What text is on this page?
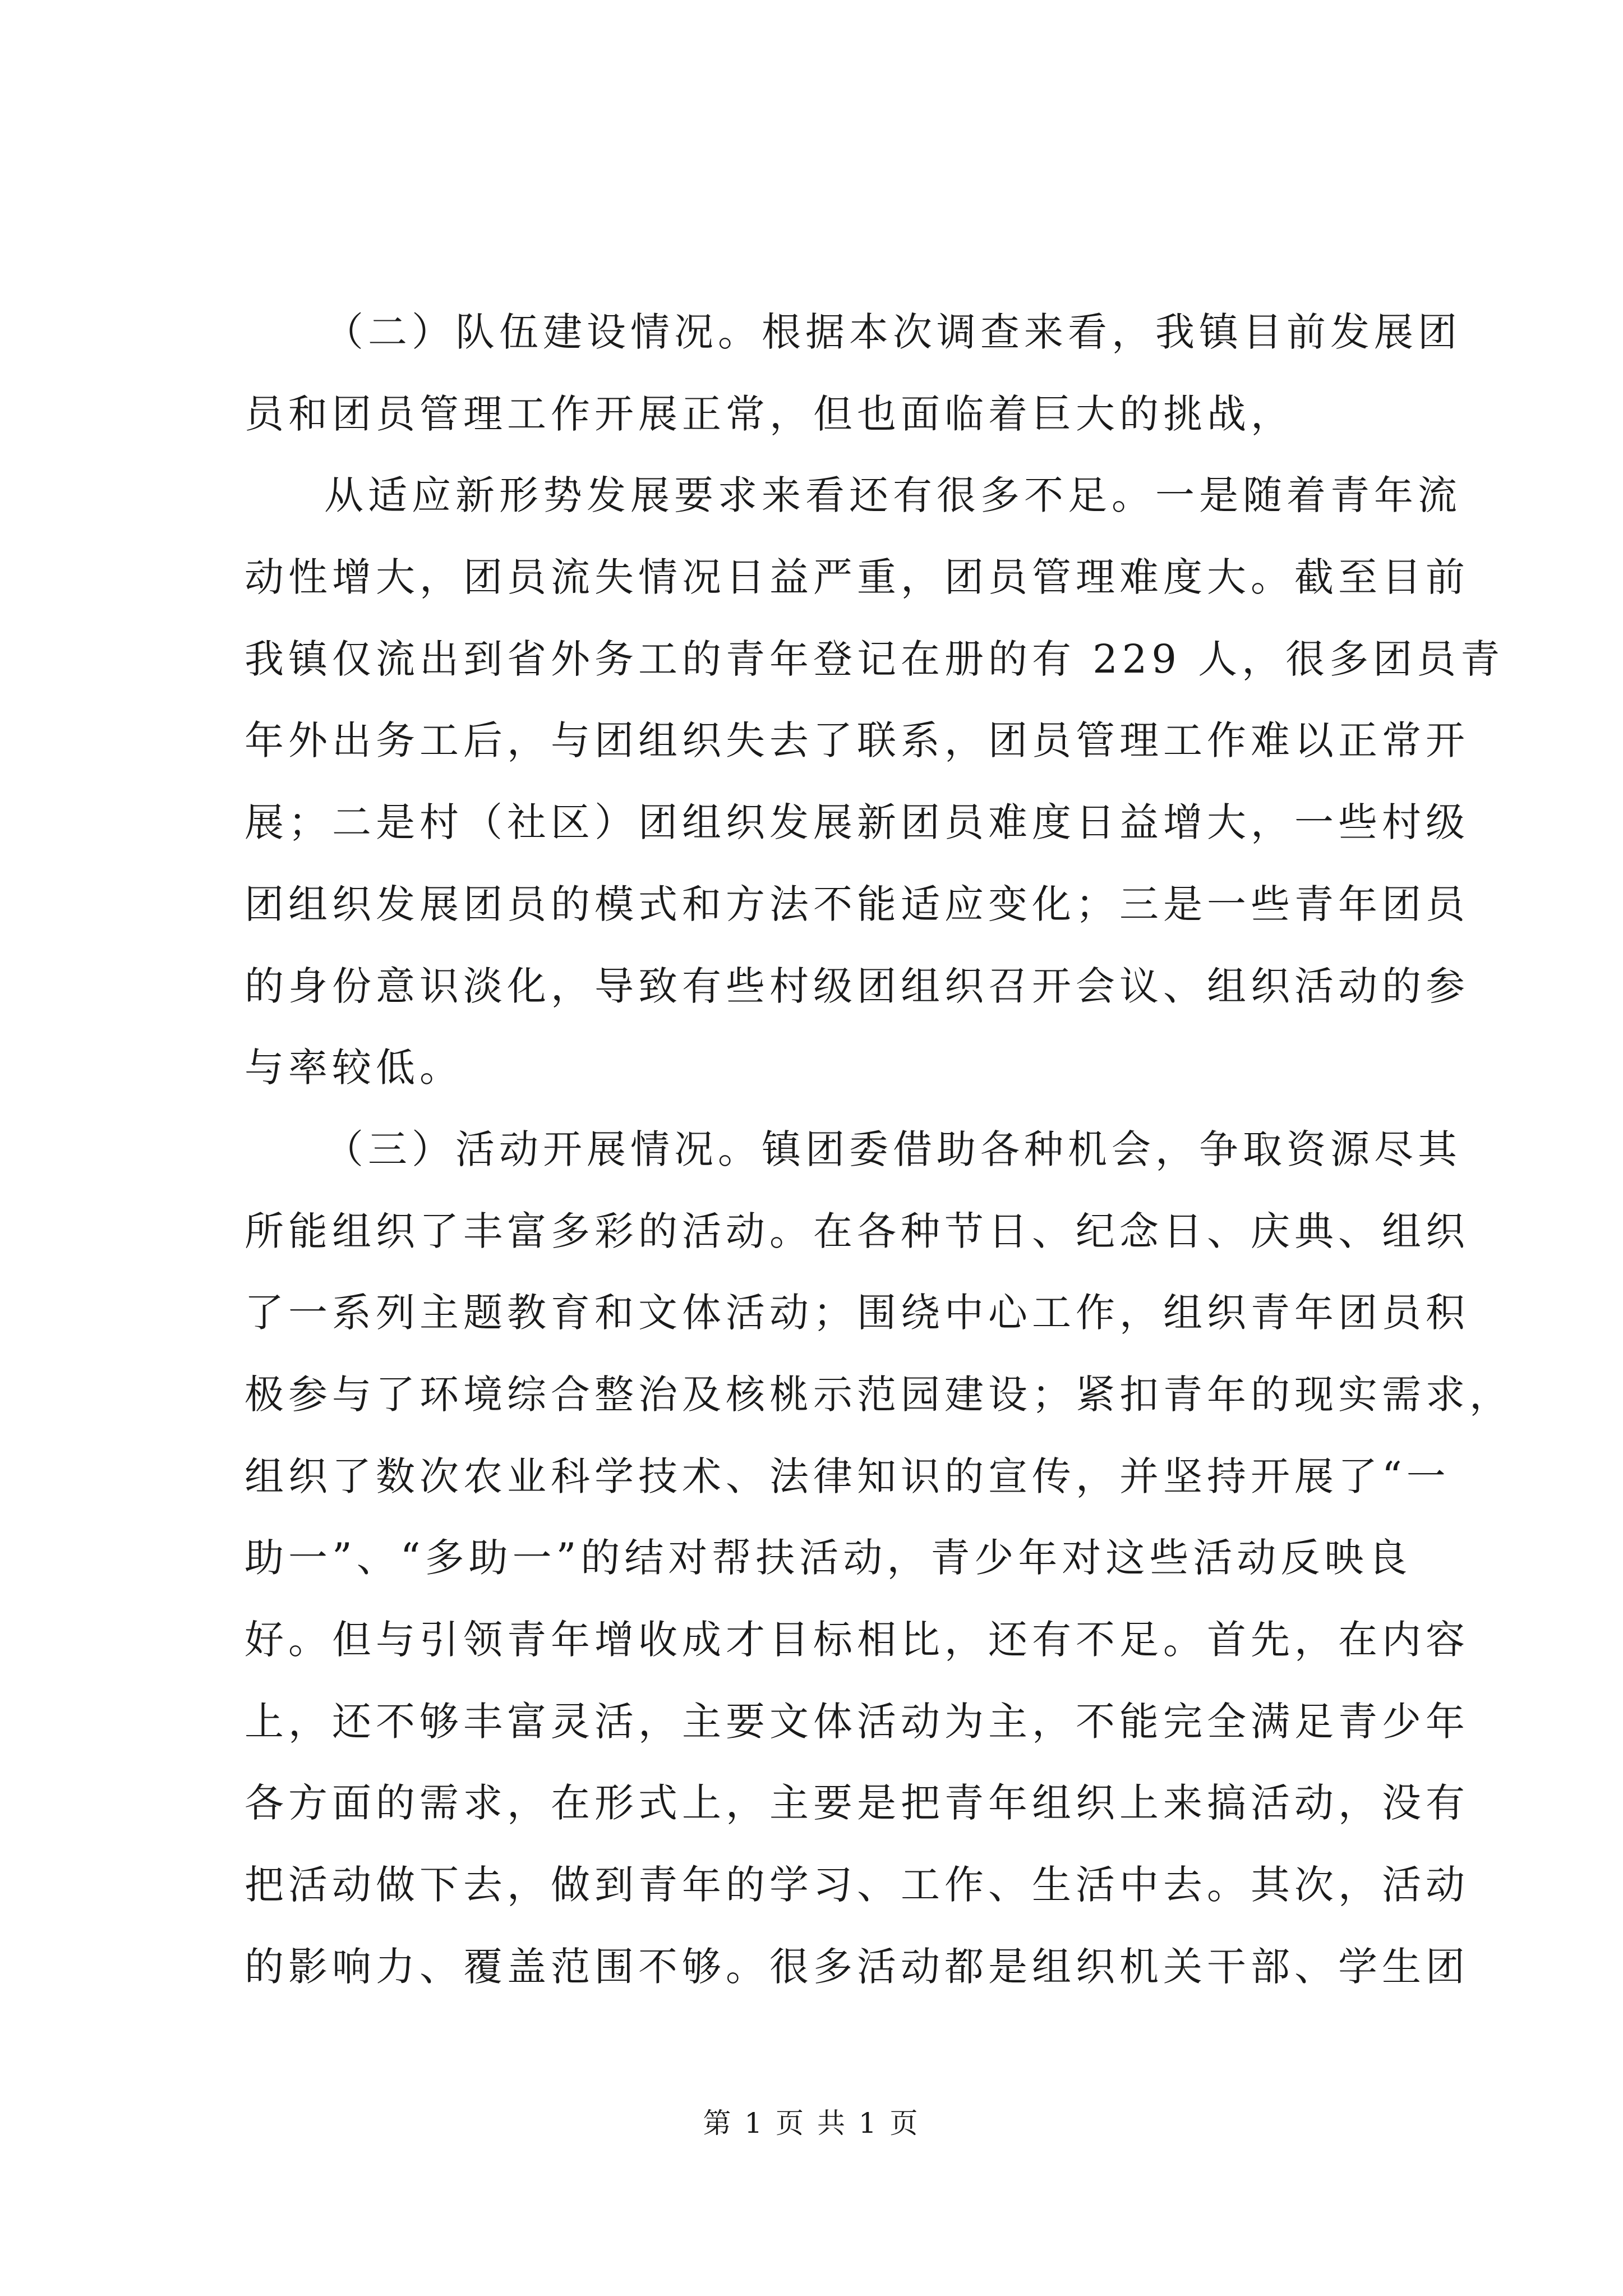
（二）队伍建设情况。根据本次调查来看，我镇目前发展团
员和团员管理工作开展正常，但也面临着巨大的挑战，
从适应新形势发展要求来看还有很多不足。一是随着青年流
动性增大，团员流失情况日益严重，团员管理难度大。截至目前
我镇仅流出到省外务工的青年登记在册的有 229 人，很多团员青
年外出务工后，与团组织失去了联系，团员管理工作难以正常开
展；二是村（社区）团组织发展新团员难度日益增大，一些村级
团组织发展团员的模式和方法不能适应变化；三是一些青年团员
的身份意识淡化，导致有些村级团组织召开会议、组织活动的参
与率较低。
（三）活动开展情况。镇团委借助各种机会，争取资源尽其
所能组织了丰富多彩的活动。在各种节日、纪念日、庆典、组织
了一系列主题教育和文体活动；围绕中心工作，组织青年团员积
极参与了环境综合整治及核桃示范园建设；紧扣青年的现实需求，
组织了数次农业科学技术、法律知识的宣传，并坚持开展了“一
助一”、“多助一”的结对帮扶活动，青少年对这些活动反映良
好。但与引领青年增收成才目标相比，还有不足。首先，在内容
上，还不够丰富灵活，主要文体活动为主，不能完全满足青少年
各方面的需求，在形式上，主要是把青年组织上来搞活动，没有
把活动做下去，做到青年的学习、工作、生活中去。其次，活动
的影响力、覆盖范围不够。很多活动都是组织机关干部、学生团
第 1 页 共 1 页
